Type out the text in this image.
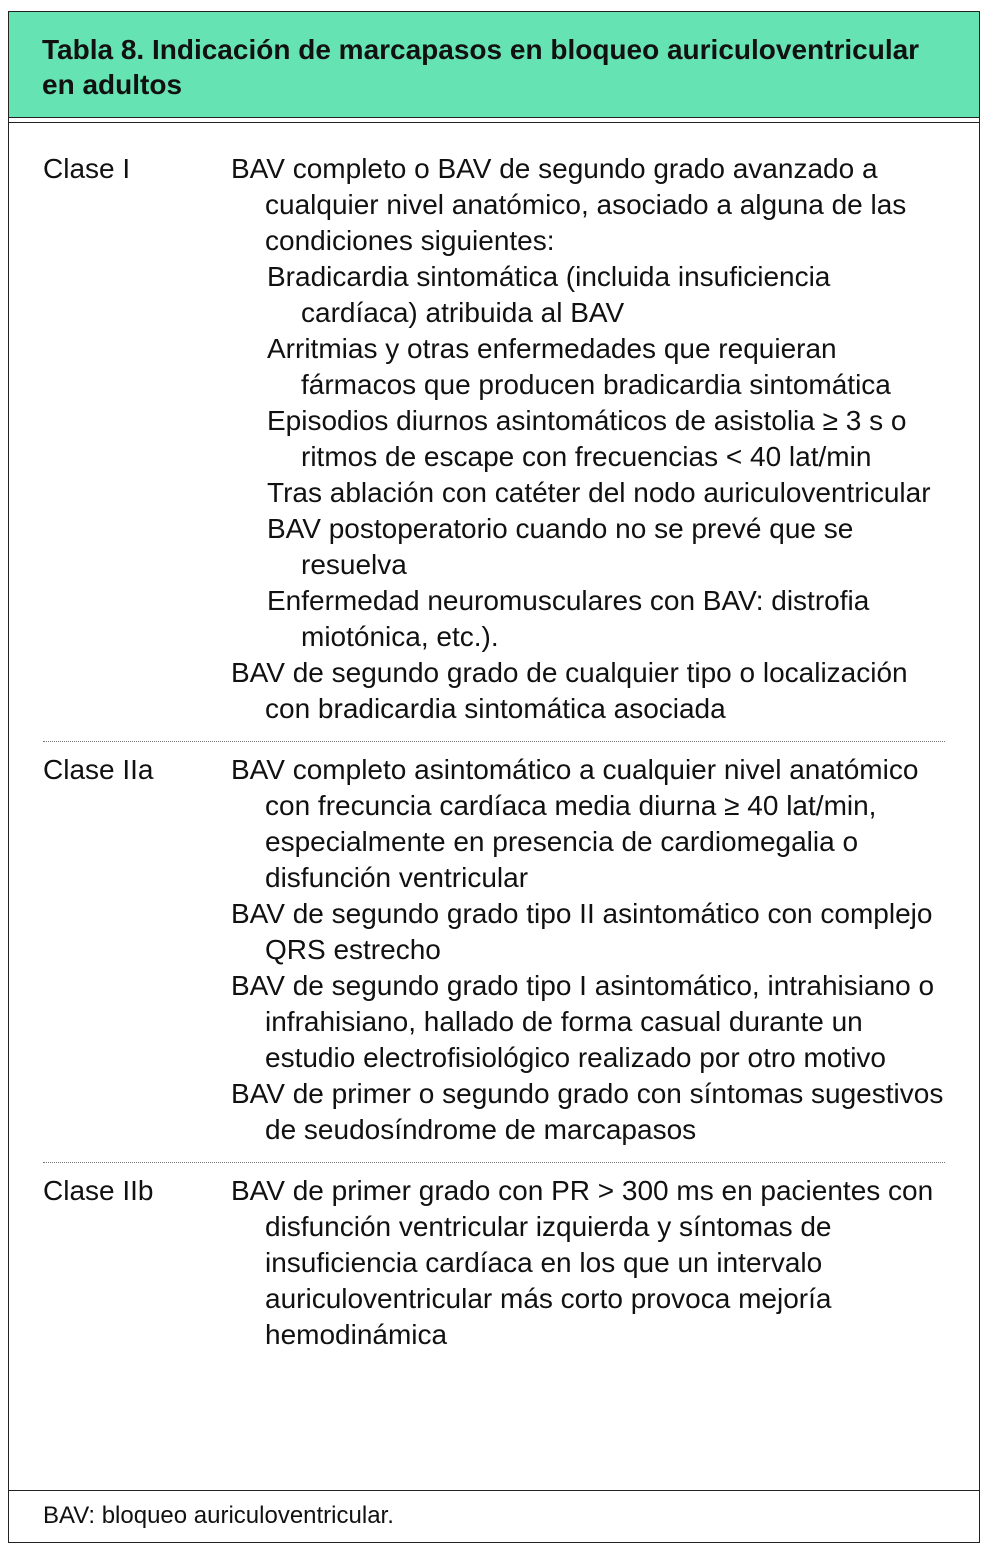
Tabla 8. Indicación de marcapasos en bloqueo auriculoventricular en adultos

Clase I	BAV completo o BAV de segundo grado avanzado a cualquier nivel anatómico, asociado a alguna de las condiciones siguientes:
Bradicardia sintomática (incluida insuficiencia cardíaca) atribuida al BAV
Arritmias y otras enfermedades que requieran fármacos que producen bradicardia sintomática
Episodios diurnos asintomáticos de asistolia ≥ 3 s o ritmos de escape con frecuencias < 40 lat/min
Tras ablación con catéter del nodo auriculoventricular
BAV postoperatorio cuando no se prevé que se resuelva
Enfermedad neuromusculares con BAV: distrofia miotónica, etc.).
BAV de segundo grado de cualquier tipo o localización con bradicardia sintomática asociada
Clase IIa	BAV completo asintomático a cualquier nivel anatómico con frecuncia cardíaca media diurna ≥ 40 lat/min, especialmente en presencia de cardiomegalia o disfunción ventricular
BAV de segundo grado tipo II asintomático con complejo QRS estrecho
BAV de segundo grado tipo I asintomático, intrahisiano o infrahisiano, hallado de forma casual durante un estudio electrofisiológico realizado por otro motivo
BAV de primer o segundo grado con síntomas sugestivos de seudosíndrome de marcapasos
Clase IIb	BAV de primer grado con PR > 300 ms en pacientes con disfunción ventricular izquierda y síntomas de insuficiencia cardíaca en los que un intervalo auriculoventricular más corto provoca mejoría hemodinámica
BAV: bloqueo auriculoventricular.
